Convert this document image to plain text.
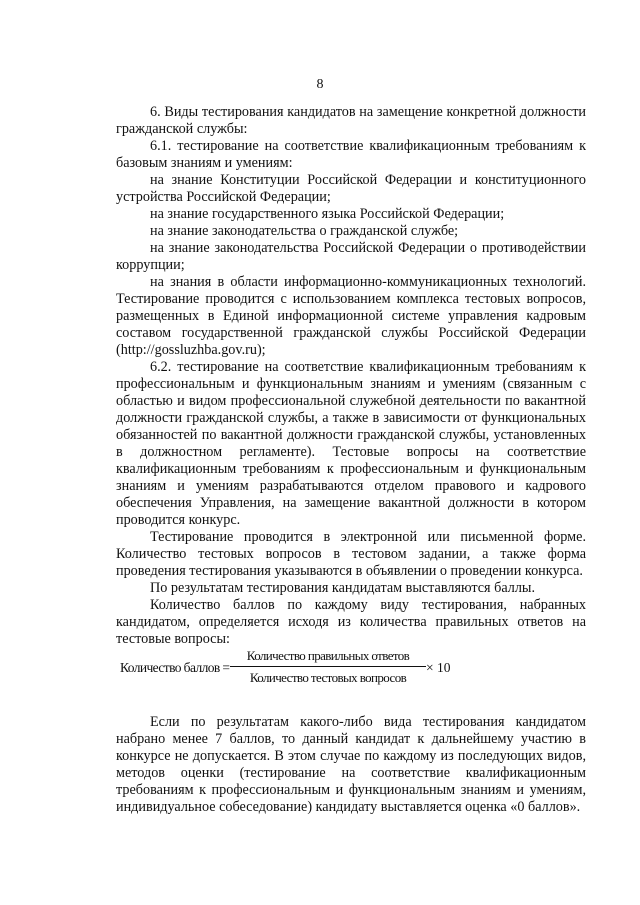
8

6. Виды тестирования кандидатов на замещение конкретной должности гражданской службы:

6.1. тестирование на соответствие квалификационным требованиям к базовым знаниям и умениям:

на знание Конституции Российской Федерации и конституционного устройства Российской Федерации;

на знание государственного языка Российской Федерации;

на знание законодательства о гражданской службе;

на знание законодательства Российской Федерации о противодействии коррупции;

на знания в области информационно-коммуникационных технологий. Тестирование проводится с использованием комплекса тестовых вопросов, размещенных в Единой информационной системе управления кадровым составом государственной гражданской службы Российской Федерации (http://gossluzhba.gov.ru);

6.2. тестирование на соответствие квалификационным требованиям к профессиональным и функциональным знаниям и умениям (связанным с областью и видом профессиональной служебной деятельности по вакантной должности гражданской службы, а также в зависимости от функциональных обязанностей по вакантной должности гражданской службы, установленных в должностном регламенте). Тестовые вопросы на соответствие квалификационным требованиям к профессиональным и функциональным знаниям и умениям разрабатываются отделом правового и кадрового обеспечения Управления, на замещение вакантной должности в котором проводится конкурс.

Тестирование проводится в электронной или письменной форме. Количество тестовых вопросов в тестовом задании, а также форма проведения тестирования указываются в объявлении о проведении конкурса.

По результатам тестирования кандидатам выставляются баллы.

Количество баллов по каждому виду тестирования, набранных кандидатом, определяется исходя из количества правильных ответов на тестовые вопросы:

Количество баллов =
Количество правильных ответов
Количество тестовых вопросов
× 10

Если по результатам какого-либо вида тестирования кандидатом набрано менее 7 баллов, то данный кандидат к дальнейшему участию в конкурсе не допускается. В этом случае по каждому из последующих видов, методов оценки (тестирование на соответствие квалификационным требованиям к профессиональным и функциональным знаниям и умениям, индивидуальное собеседование) кандидату выставляется оценка «0 баллов».
